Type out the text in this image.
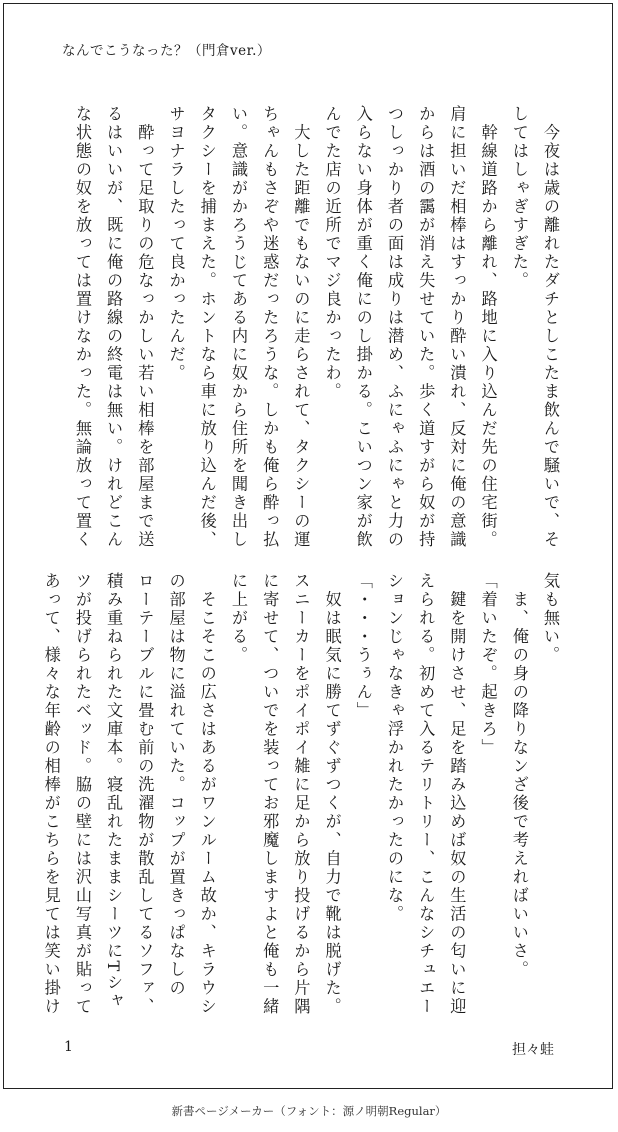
なんでこうなった？（門倉ver.）
　今夜は歳の離れたダチとしこたま飲んで騒いで、そ
してはしゃぎすぎた。
　幹線道路から離れ、路地に入り込んだ先の住宅街。
肩に担いだ相棒はすっかり酔い潰れ、反対に俺の意識
からは酒の靄が消え失せていた。歩く道すがら奴が持
つしっかり者の面は成りは潜め、ふにゃふにゃと力の
入らない身体が重く俺にのし掛かる。こいつン家が飲
んでた店の近所でマジ良かったわ。
　大した距離でもないのに走らされて、タクシーの運
ちゃんもさぞや迷惑だったろうな。しかも俺ら酔っ払
い。意識がかろうじてある内に奴から住所を聞き出し
タクシーを捕まえた。ホントなら車に放り込んだ後、
サヨナラしたって良かったんだ。
　酔って足取りの危なっかしい若い相棒を部屋まで送
るはいいが、既に俺の路線の終電は無い。けれどこん
な状態の奴を放っては置けなかった。無論放って置く
気も無い。
　ま、俺の身の降りなンざ後で考えればいいさ。
「着いたぞ。起きろ」
　鍵を開けさせ、足を踏み込めば奴の生活の匂いに迎
えられる。初めて入るテリトリー、こんなシチュエー
ションじゃなきゃ浮かれたかったのにな。
「・・・うぅん」
　奴は眠気に勝てずぐずつくが、自力で靴は脱げた。
スニーカーをポイポイ雑に足から放り投げるから片隅
に寄せて、ついでを装ってお邪魔しますよと俺も一緒
に上がる。
　そこそこの広さはあるがワンルーム故か、キラウシ
の部屋は物に溢れていた。コップが置きっぱなしの
ローテーブルに畳む前の洗濯物が散乱してるソファ、
積み重ねられた文庫本。寝乱れたままシーツにTシャ
ツが投げられたベッド。脇の壁には沢山写真が貼って
あって、様々な年齢の相棒がこちらを見ては笑い掛け
1	担々蛙
新書ページメーカー（フォント：源ノ明朝Regular）
